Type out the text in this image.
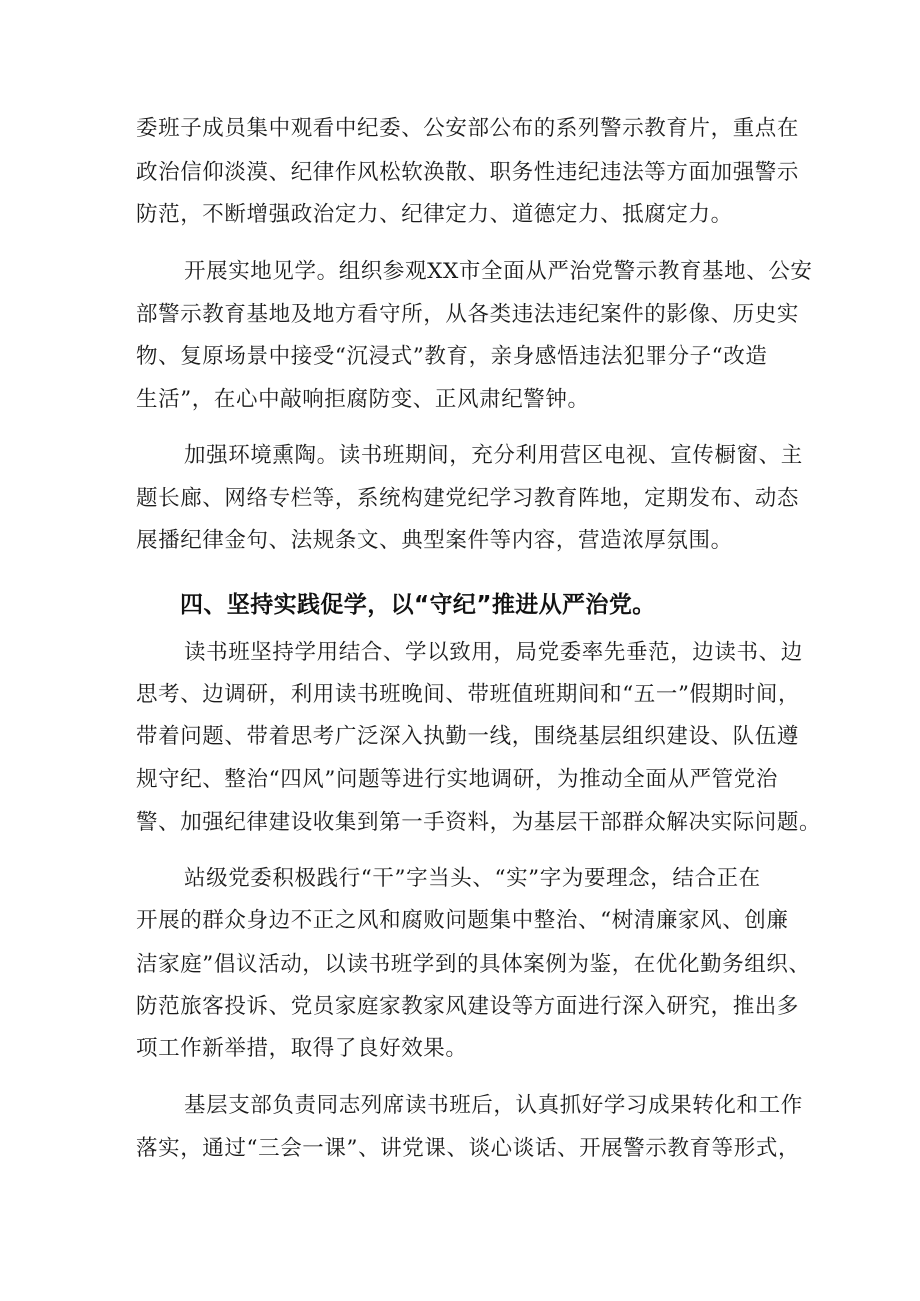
委班子成员集中观看中纪委、公安部公布的系列警示教育片，重点在
政治信仰淡漠、纪律作风松软涣散、职务性违纪违法等方面加强警示
防范，不断增强政治定力、纪律定力、道德定力、抵腐定力。
开展实地见学。组织参观XX市全面从严治党警示教育基地、公安
部警示教育基地及地方看守所，从各类违法违纪案件的影像、历史实
物、复原场景中接受“沉浸式”教育，亲身感悟违法犯罪分子“改造
生活”，在心中敲响拒腐防变、正风肃纪警钟。
加强环境熏陶。读书班期间，充分利用营区电视、宣传橱窗、主
题长廊、网络专栏等，系统构建党纪学习教育阵地，定期发布、动态
展播纪律金句、法规条文、典型案件等内容，营造浓厚氛围。
四、坚持实践促学，以“守纪”推进从严治党。
读书班坚持学用结合、学以致用，局党委率先垂范，边读书、边
思考、边调研，利用读书班晚间、带班值班期间和“五一”假期时间，
带着问题、带着思考广泛深入执勤一线，围绕基层组织建设、队伍遵
规守纪、整治“四风”问题等进行实地调研，为推动全面从严管党治
警、加强纪律建设收集到第一手资料，为基层干部群众解决实际问题。
站级党委积极践行“干”字当头、“实”字为要理念，结合正在
开展的群众身边不正之风和腐败问题集中整治、“树清廉家风、创廉
洁家庭”倡议活动，以读书班学到的具体案例为鉴，在优化勤务组织、
防范旅客投诉、党员家庭家教家风建设等方面进行深入研究，推出多
项工作新举措，取得了良好效果。
基层支部负责同志列席读书班后，认真抓好学习成果转化和工作
落实，通过“三会一课”、讲党课、谈心谈话、开展警示教育等形式，
